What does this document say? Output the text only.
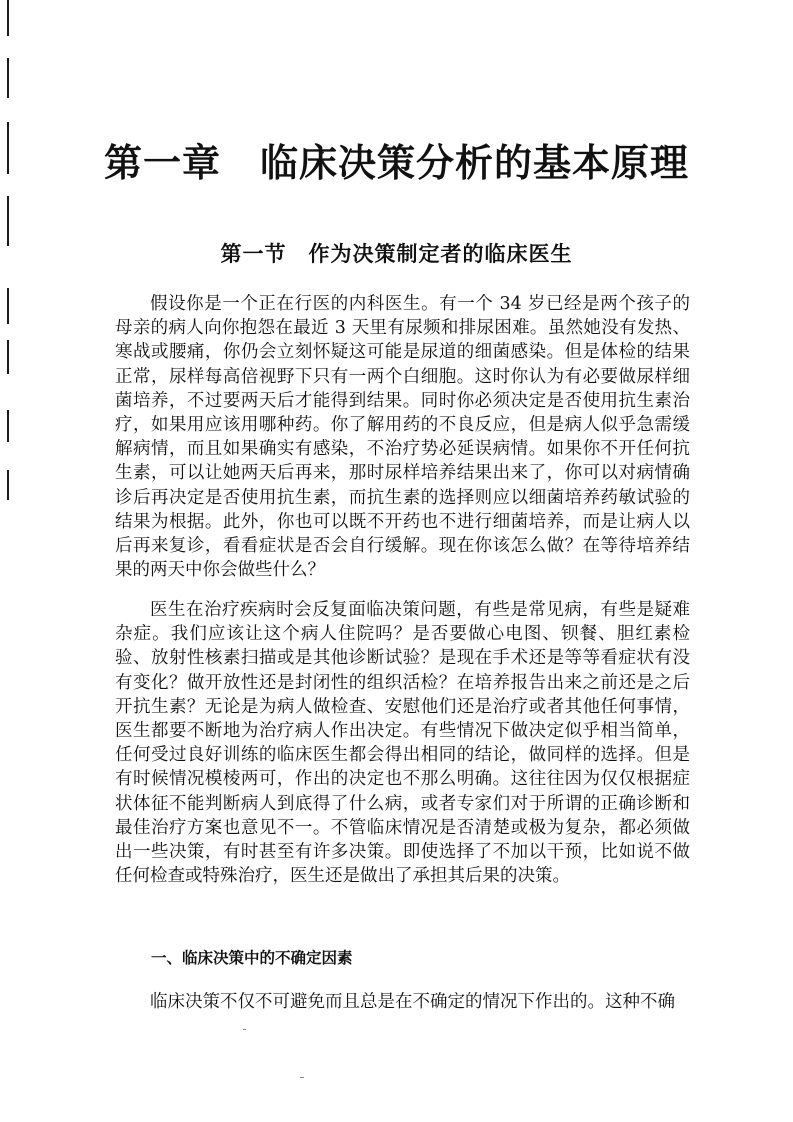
第一章　临床决策分析的基本原理
第一节　作为决策制定者的临床医生

假设你是一个正在行医的内科医生。有一个 34 岁已经是两个孩子的母亲的病人向你抱怨在最近 3 天里有尿频和排尿困难。虽然她没有发热、寒战或腰痛，你仍会立刻怀疑这可能是尿道的细菌感染。但是体检的结果正常，尿样每高倍视野下只有一两个白细胞。这时你认为有必要做尿样细菌培养，不过要两天后才能得到结果。同时你必须决定是否使用抗生素治疗，如果用应该用哪种药。你了解用药的不良反应，但是病人似乎急需缓解病情，而且如果确实有感染，不治疗势必延误病情。如果你不开任何抗生素，可以让她两天后再来，那时尿样培养结果出来了，你可以对病情确诊后再决定是否使用抗生素，而抗生素的选择则应以细菌培养药敏试验的结果为根据。此外，你也可以既不开药也不进行细菌培养，而是让病人以后再来复诊，看看症状是否会自行缓解。现在你该怎么做？在等待培养结果的两天中你会做些什么？

医生在治疗疾病时会反复面临决策问题，有些是常见病，有些是疑难杂症。我们应该让这个病人住院吗？是否要做心电图、钡餐、胆红素检验、放射性核素扫描或是其他诊断试验？是现在手术还是等等看症状有没有变化？做开放性还是封闭性的组织活检？在培养报告出来之前还是之后开抗生素？无论是为病人做检查、安慰他们还是治疗或者其他任何事情，医生都要不断地为治疗病人作出决定。有些情况下做决定似乎相当简单，任何受过良好训练的临床医生都会得出相同的结论，做同样的选择。但是有时候情况模棱两可，作出的决定也不那么明确。这往往因为仅仅根据症状体征不能判断病人到底得了什么病，或者专家们对于所谓的正确诊断和最佳治疗方案也意见不一。不管临床情况是否清楚或极为复杂，都必须做出一些决策，有时甚至有许多决策。即使选择了不加以干预，比如说不做任何检查或特殊治疗，医生还是做出了承担其后果的决策。

一、临床决策中的不确定因素

临床决策不仅不可避免而且总是在不确定的情况下作出的。这种不确
